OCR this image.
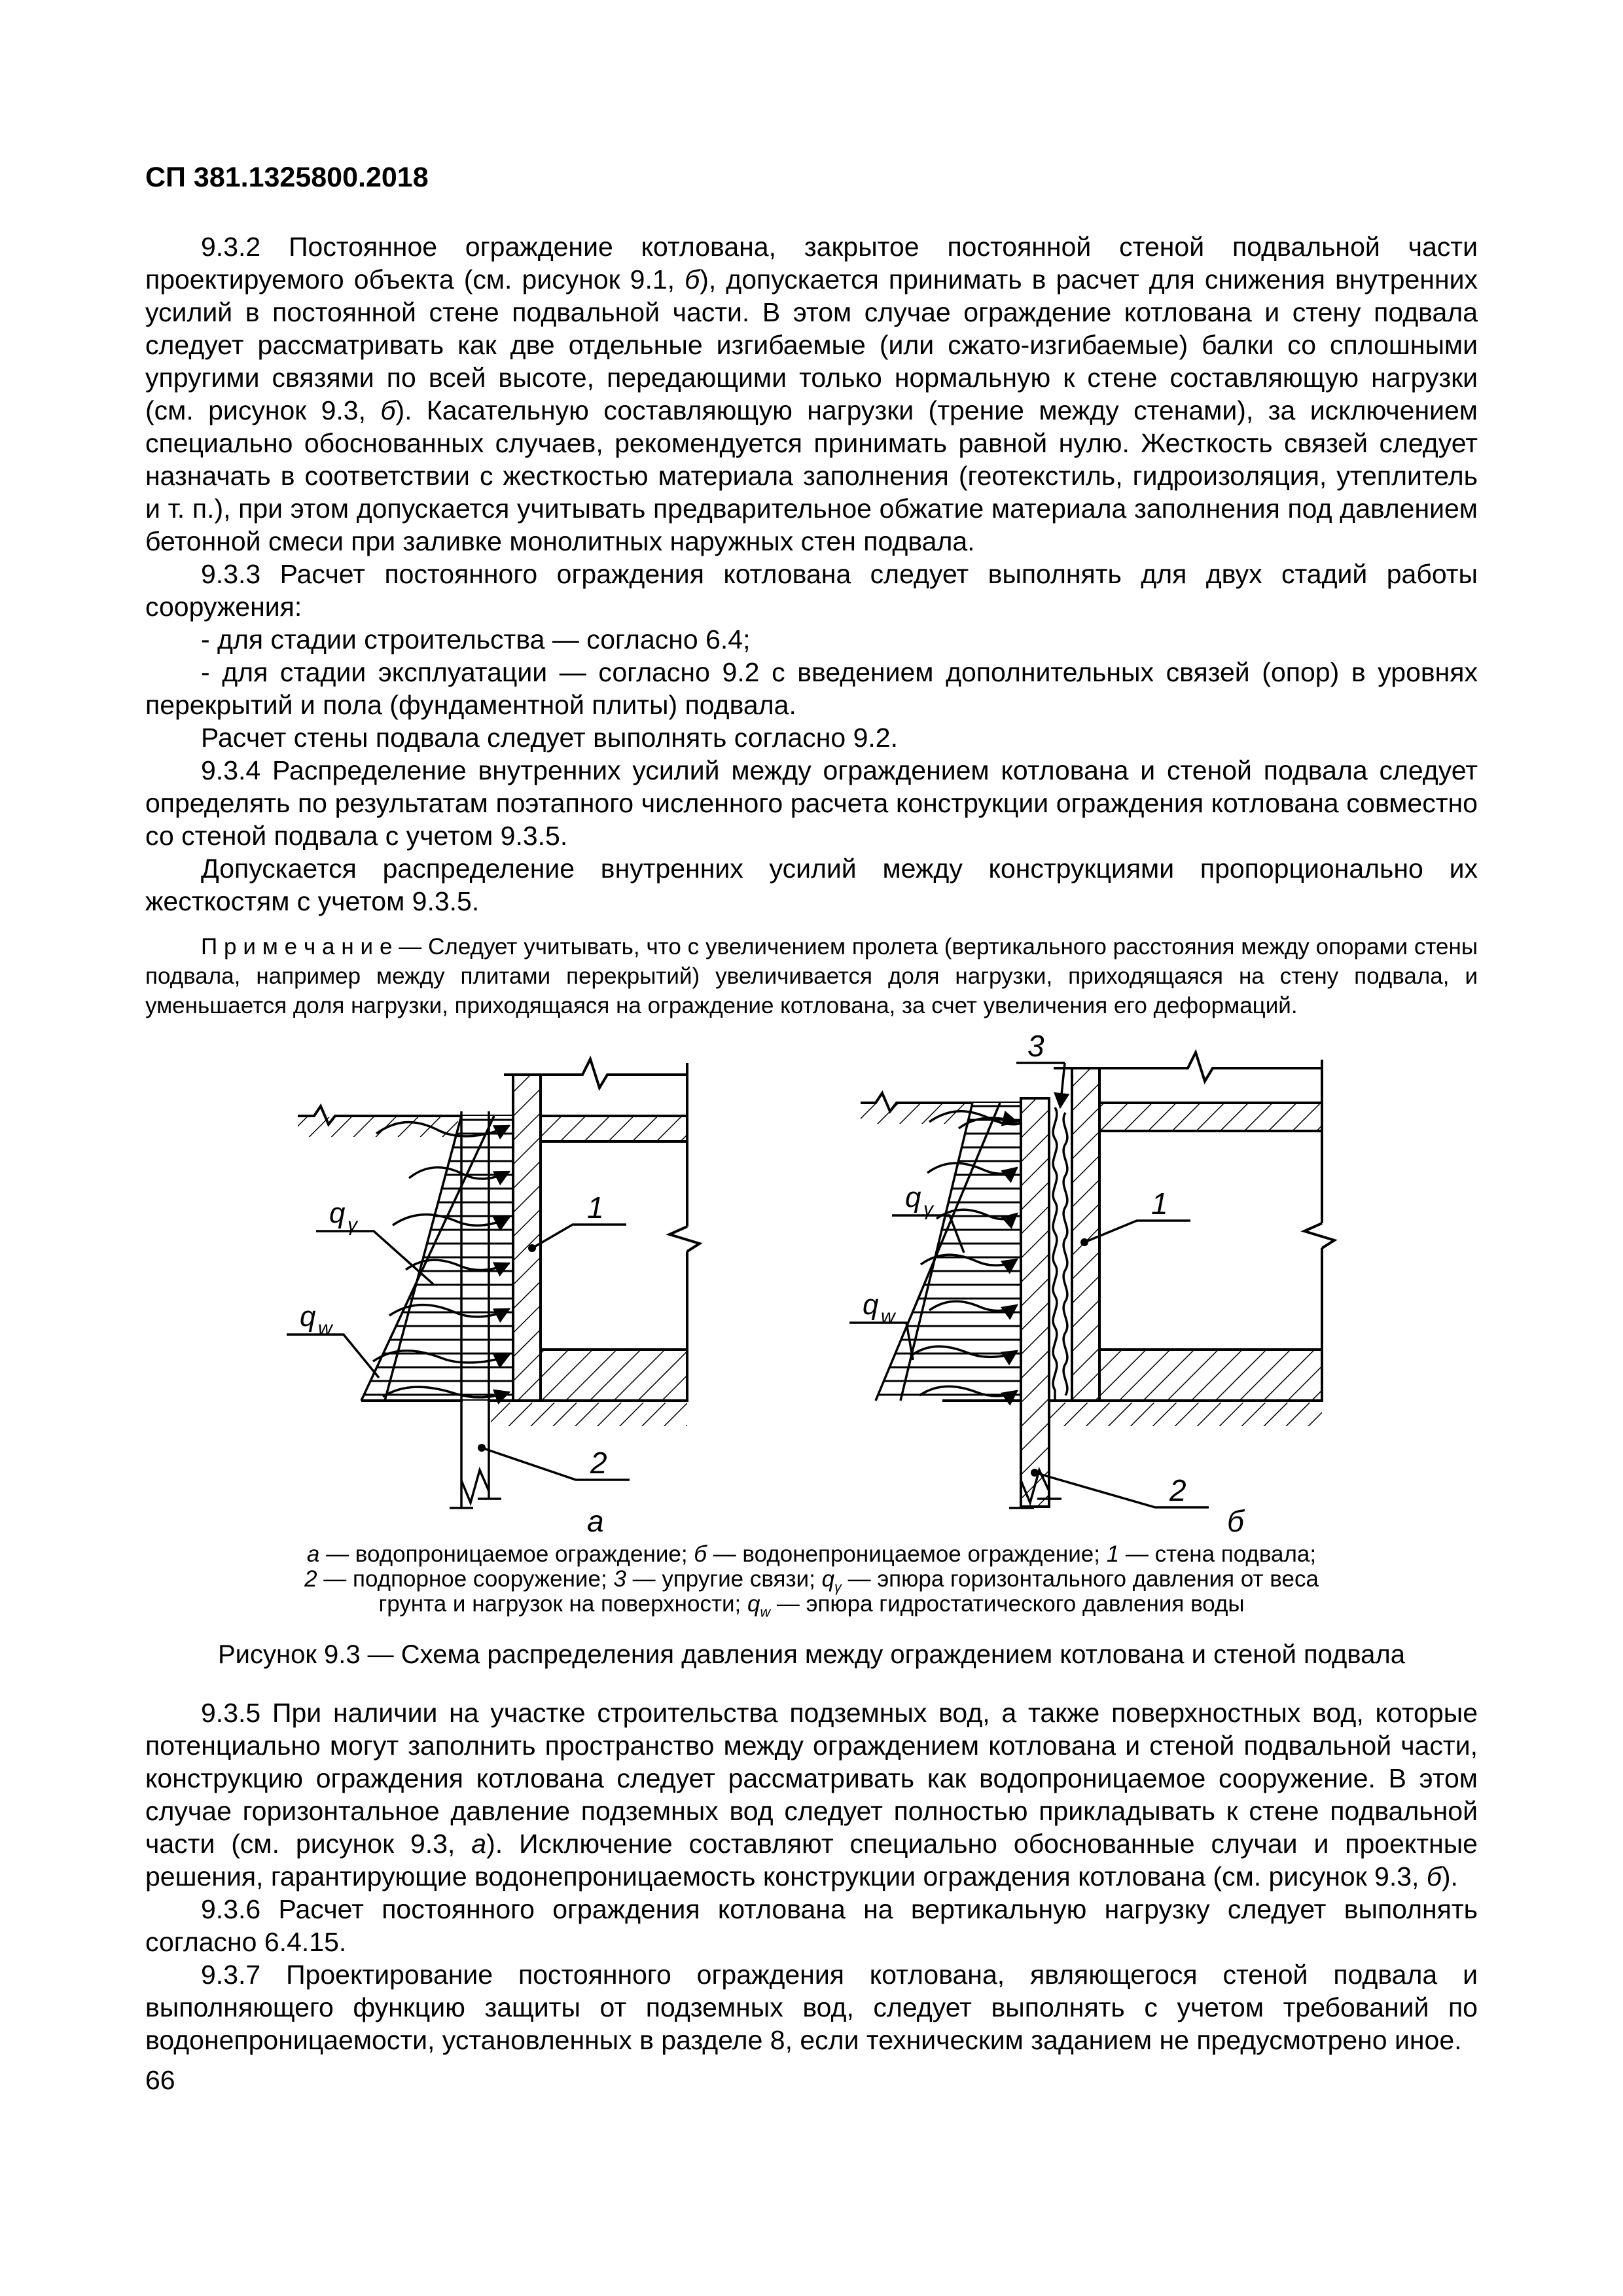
СП 381.1325800.2018

9.3.2 Постоянное ограждение котлована, закрытое постоянной стеной подвальной части проектируемого объекта (см. рисунок 9.1, б), допускается принимать в расчет для снижения внутренних усилий в постоянной стене подвальной части. В этом случае ограждение котлована и стену подвала следует рассматривать как две отдельные изгибаемые (или сжато-изгибаемые) балки со сплошными упругими связями по всей высоте, передающими только нормальную к стене составляющую нагрузки (см. рисунок 9.3, б). Касательную составляющую нагрузки (трение между стенами), за исключением специально обоснованных случаев, рекомендуется принимать равной нулю. Жесткость связей следует назначать в соответствии с жесткостью материала заполнения (геотекстиль, гидроизоляция, утеплитель и т. п.), при этом допускается учитывать предварительное обжатие материала заполнения под давлением бетонной смеси при заливке монолитных наружных стен подвала.

9.3.3 Расчет постоянного ограждения котлована следует выполнять для двух стадий работы сооружения:

- для стадии строительства — согласно 6.4;

- для стадии эксплуатации — согласно 9.2 с введением дополнительных связей (опор) в уровнях перекрытий и пола (фундаментной плиты) подвала.

Расчет стены подвала следует выполнять согласно 9.2.

9.3.4 Распределение внутренних усилий между ограждением котлована и стеной подвала следует определять по результатам поэтапного численного расчета конструкции ограждения котлована совместно со стеной подвала с учетом 9.3.5.

Допускается распределение внутренних усилий между конструкциями пропорционально их жесткостям с учетом 9.3.5.

П р и м е ч а н и е — Следует учитывать, что с увеличением пролета (вертикального расстояния между опорами стены подвала, например между плитами перекрытий) увеличивается доля нагрузки, приходящаяся на стену подвала, и уменьшается доля нагрузки, приходящаяся на ограждение котлована, за счет увеличения его деформаций.

q γ
q w
1
2
а
3
q γ
q w
1
2
б
а — водопроницаемое ограждение; б — водонепроницаемое ограждение; 1 — стена подвала;
2 — подпорное сооружение; 3 — упругие связи; $q_\gamma$ — эпюра горизонтального давления от веса
грунта и нагрузок на поверхности; $q_w$ — эпюра гидростатического давления воды
Рисунок 9.3 — Схема распределения давления между ограждением котлована и стеной подвала

9.3.5 При наличии на участке строительства подземных вод, а также поверхностных вод, которые потенциально могут заполнить пространство между ограждением котлована и стеной подвальной части, конструкцию ограждения котлована следует рассматривать как водопроницаемое сооружение. В этом случае горизонтальное давление подземных вод следует полностью прикладывать к стене подвальной части (см. рисунок 9.3, а). Исключение составляют специально обоснованные случаи и проектные решения, гарантирующие водонепроницаемость конструкции ограждения котлована (см. рисунок 9.3, б).

9.3.6 Расчет постоянного ограждения котлована на вертикальную нагрузку следует выполнять согласно 6.4.15.

9.3.7 Проектирование постоянного ограждения котлована, являющегося стеной подвала и выполняющего функцию защиты от подземных вод, следует выполнять с учетом требований по водонепроницаемости, установленных в разделе 8, если техническим заданием не предусмотрено иное.

66
